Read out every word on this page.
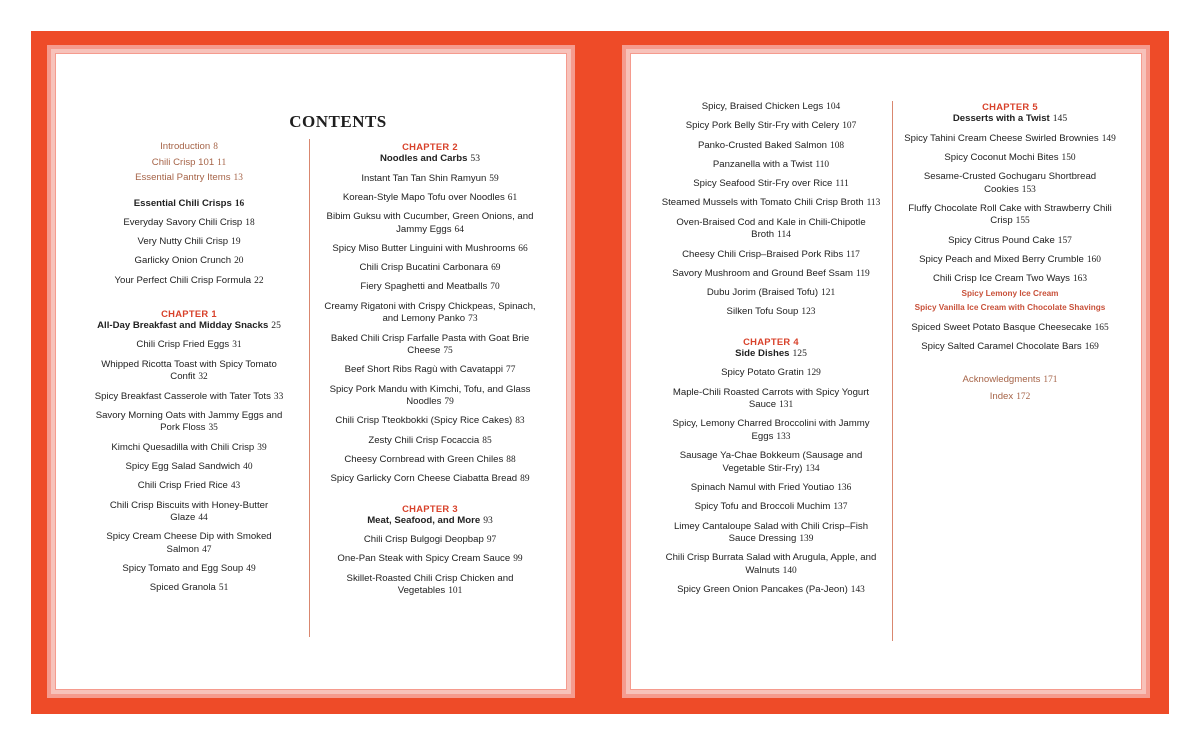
CONTENTS
Introduction 8
Chili Crisp 101 11
Essential Pantry Items 13
Essential Chili Crisps 16
Everyday Savory Chili Crisp 18
Very Nutty Chili Crisp 19
Garlicky Onion Crunch 20
Your Perfect Chili Crisp Formula 22
CHAPTER 1
All-Day Breakfast and Midday Snacks 25
Chili Crisp Fried Eggs 31
Whipped Ricotta Toast with Spicy Tomato Confit 32
Spicy Breakfast Casserole with Tater Tots 33
Savory Morning Oats with Jammy Eggs and Pork Floss 35
Kimchi Quesadilla with Chili Crisp 39
Spicy Egg Salad Sandwich 40
Chili Crisp Fried Rice 43
Chili Crisp Biscuits with Honey-Butter Glaze 44
Spicy Cream Cheese Dip with Smoked Salmon 47
Spicy Tomato and Egg Soup 49
Spiced Granola 51
CHAPTER 2
Noodles and Carbs 53
Instant Tan Tan Shin Ramyun 59
Korean-Style Mapo Tofu over Noodles 61
Bibim Guksu with Cucumber, Green Onions, and Jammy Eggs 64
Spicy Miso Butter Linguini with Mushrooms 66
Chili Crisp Bucatini Carbonara 69
Fiery Spaghetti and Meatballs 70
Creamy Rigatoni with Crispy Chickpeas, Spinach, and Lemony Panko 73
Baked Chili Crisp Farfalle Pasta with Goat Brie Cheese 75
Beef Short Ribs Ragù with Cavatappi 77
Spicy Pork Mandu with Kimchi, Tofu, and Glass Noodles 79
Chili Crisp Tteokbokki (Spicy Rice Cakes) 83
Zesty Chili Crisp Focaccia 85
Cheesy Cornbread with Green Chiles 88
Spicy Garlicky Corn Cheese Ciabatta Bread 89
CHAPTER 3
Meat, Seafood, and More 93
Chili Crisp Bulgogi Deopbap 97
One-Pan Steak with Spicy Cream Sauce 99
Skillet-Roasted Chili Crisp Chicken and Vegetables 101
Spicy, Braised Chicken Legs 104
Spicy Pork Belly Stir-Fry with Celery 107
Panko-Crusted Baked Salmon 108
Panzanella with a Twist 110
Spicy Seafood Stir-Fry over Rice 111
Steamed Mussels with Tomato Chili Crisp Broth 113
Oven-Braised Cod and Kale in Chili-Chipotle Broth 114
Cheesy Chili Crisp–Braised Pork Ribs 117
Savory Mushroom and Ground Beef Ssam 119
Dubu Jorim (Braised Tofu) 121
Silken Tofu Soup 123
CHAPTER 4
Side Dishes 125
Spicy Potato Gratin 129
Maple-Chili Roasted Carrots with Spicy Yogurt Sauce 131
Spicy, Lemony Charred Broccolini with Jammy Eggs 133
Sausage Ya-Chae Bokkeum (Sausage and Vegetable Stir-Fry) 134
Spinach Namul with Fried Youtiao 136
Spicy Tofu and Broccoli Muchim 137
Limey Cantaloupe Salad with Chili Crisp–Fish Sauce Dressing 139
Chili Crisp Burrata Salad with Arugula, Apple, and Walnuts 140
Spicy Green Onion Pancakes (Pa-Jeon) 143
CHAPTER 5
Desserts with a Twist 145
Spicy Tahini Cream Cheese Swirled Brownies 149
Spicy Coconut Mochi Bites 150
Sesame-Crusted Gochugaru Shortbread Cookies 153
Fluffy Chocolate Roll Cake with Strawberry Chili Crisp 155
Spicy Citrus Pound Cake 157
Spicy Peach and Mixed Berry Crumble 160
Chili Crisp Ice Cream Two Ways 163
Spicy Lemony Ice Cream
Spicy Vanilla Ice Cream with Chocolate Shavings
Spiced Sweet Potato Basque Cheesecake 165
Spicy Salted Caramel Chocolate Bars 169
Acknowledgments 171
Index 172
